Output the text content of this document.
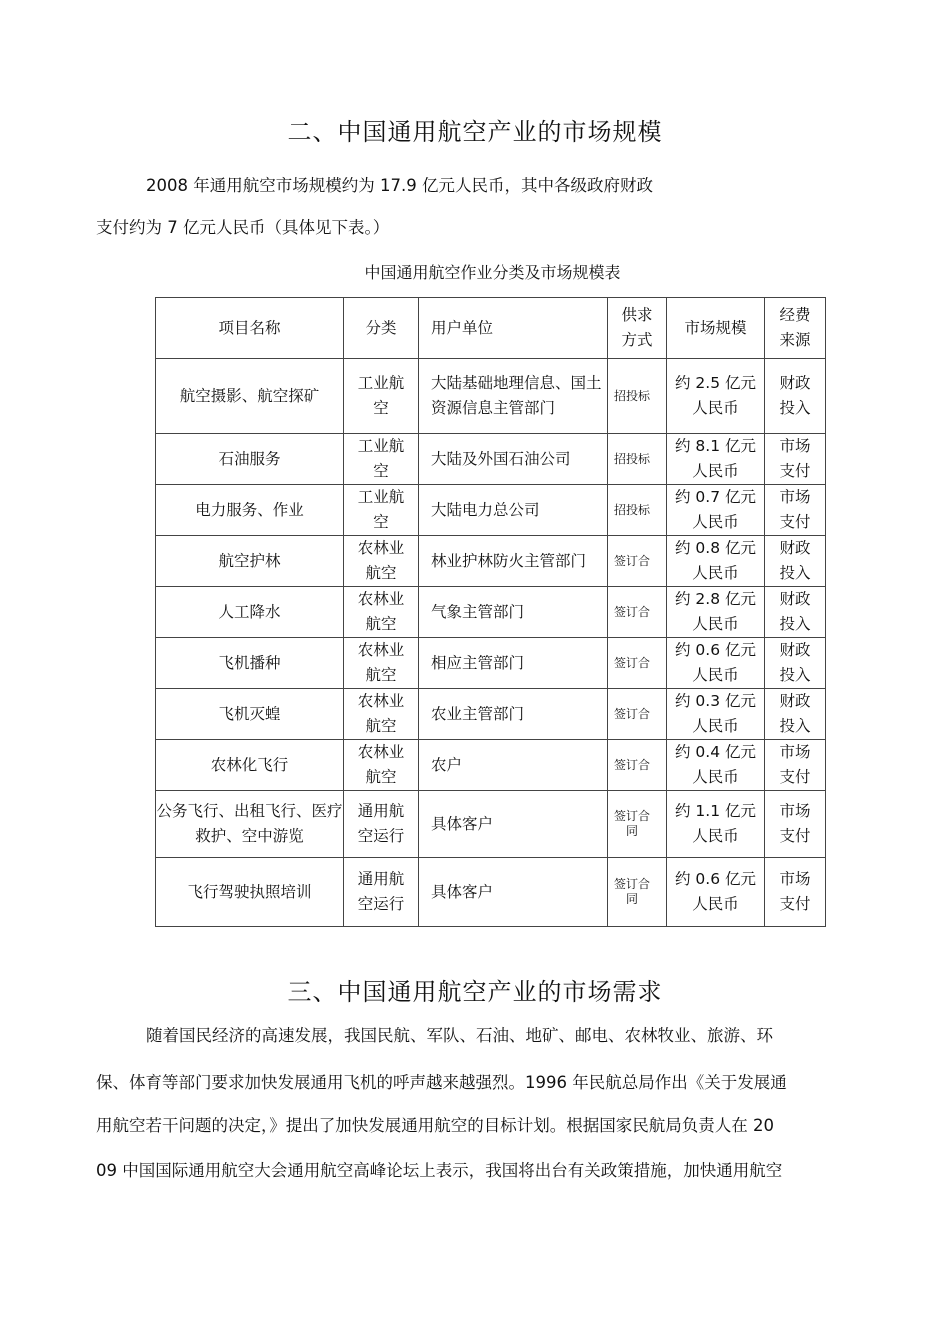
二、中国通用航空产业的市场规模
2008 年通用航空市场规模约为 17.9 亿元人民币，其中各级政府财政
支付约为 7 亿元人民币（具体见下表。）
中国通用航空作业分类及市场规模表
项目名称	分类	用户单位	供求方式	市场规模	经费来源
航空摄影、航空探矿	工业航空	大陆基础地理信息、国土资源信息主管部门	招投标	约 2.5 亿元人民币	财政投入
石油服务	工业航空	大陆及外国石油公司	招投标	约 8.1 亿元人民币	市场支付
电力服务、作业	工业航空	大陆电力总公司	招投标	约 0.7 亿元人民币	市场支付
航空护林	农林业航空	林业护林防火主管部门	签订合	约 0.8 亿元人民币	财政投入
人工降水	农林业航空	气象主管部门	签订合	约 2.8 亿元人民币	财政投入
飞机播种	农林业航空	相应主管部门	签订合	约 0.6 亿元人民币	财政投入
飞机灭蝗	农林业航空	农业主管部门	签订合	约 0.3 亿元人民币	财政投入
农林化飞行	农林业航空	农户	签订合	约 0.4 亿元人民币	市场支付
公务飞行、出租飞行、医疗救护、空中游览	通用航空运行	具体客户	签订合同	约 1.1 亿元人民币	市场支付
飞行驾驶执照培训	通用航空运行	具体客户	签订合同	约 0.6 亿元人民币	市场支付
三、中国通用航空产业的市场需求
随着国民经济的高速发展，我国民航、军队、石油、地矿、邮电、农林牧业、旅游、环
保、体育等部门要求加快发展通用飞机的呼声越来越强烈。1996 年民航总局作出《关于发展通
用航空若干问题的决定，》提出了加快发展通用航空的目标计划。根据国家民航局负责人在 20
09 中国国际通用航空大会通用航空高峰论坛上表示，我国将出台有关政策措施，加快通用航空
